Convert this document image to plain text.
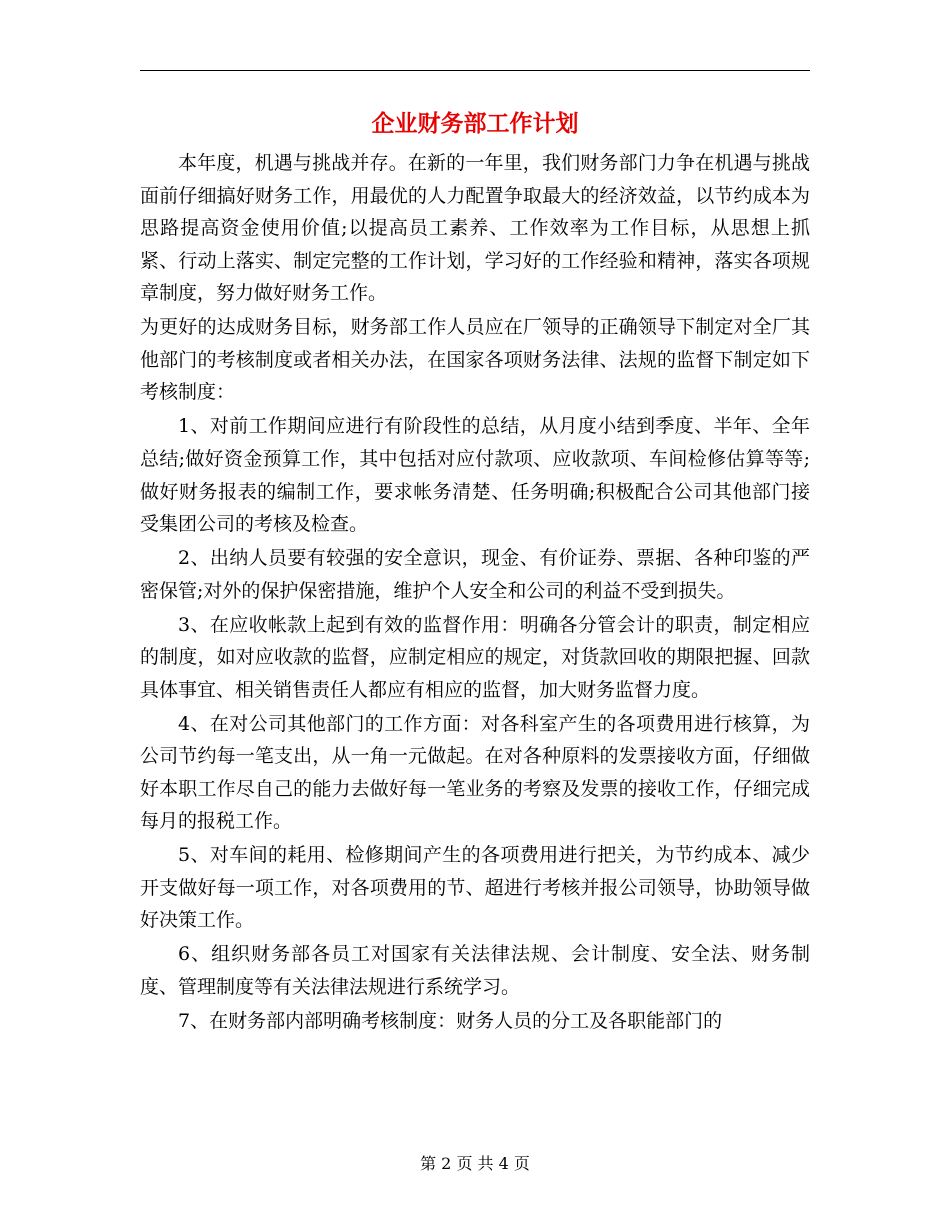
企业财务部工作计划

本年度，机遇与挑战并存。在新的一年里，我们财务部门力争在机遇与挑战面前仔细搞好财务工作，用最优的人力配置争取最大的经济效益，以节约成本为思路提高资金使用价值;以提高员工素养、工作效率为工作目标，从思想上抓紧、行动上落实、制定完整的工作计划，学习好的工作经验和精神，落实各项规章制度，努力做好财务工作。

为更好的达成财务目标，财务部工作人员应在厂领导的正确领导下制定对全厂其他部门的考核制度或者相关办法，在国家各项财务法律、法规的监督下制定如下考核制度：

1、对前工作期间应进行有阶段性的总结，从月度小结到季度、半年、全年总结;做好资金预算工作，其中包括对应付款项、应收款项、车间检修估算等等;做好财务报表的编制工作，要求帐务清楚、任务明确;积极配合公司其他部门接受集团公司的考核及检查。

2、出纳人员要有较强的安全意识，现金、有价证券、票据、各种印鉴的严密保管;对外的保护保密措施，维护个人安全和公司的利益不受到损失。

3、在应收帐款上起到有效的监督作用：明确各分管会计的职责，制定相应的制度，如对应收款的监督，应制定相应的规定，对货款回收的期限把握、回款具体事宜、相关销售责任人都应有相应的监督，加大财务监督力度。

4、在对公司其他部门的工作方面：对各科室产生的各项费用进行核算，为公司节约每一笔支出，从一角一元做起。在对各种原料的发票接收方面，仔细做好本职工作尽自己的能力去做好每一笔业务的考察及发票的接收工作，仔细完成每月的报税工作。

5、对车间的耗用、检修期间产生的各项费用进行把关，为节约成本、减少开支做好每一项工作，对各项费用的节、超进行考核并报公司领导，协助领导做好决策工作。

6、组织财务部各员工对国家有关法律法规、会计制度、安全法、财务制度、管理制度等有关法律法规进行系统学习。

7、在财务部内部明确考核制度：财务人员的分工及各职能部门的

第 2 页 共 4 页
